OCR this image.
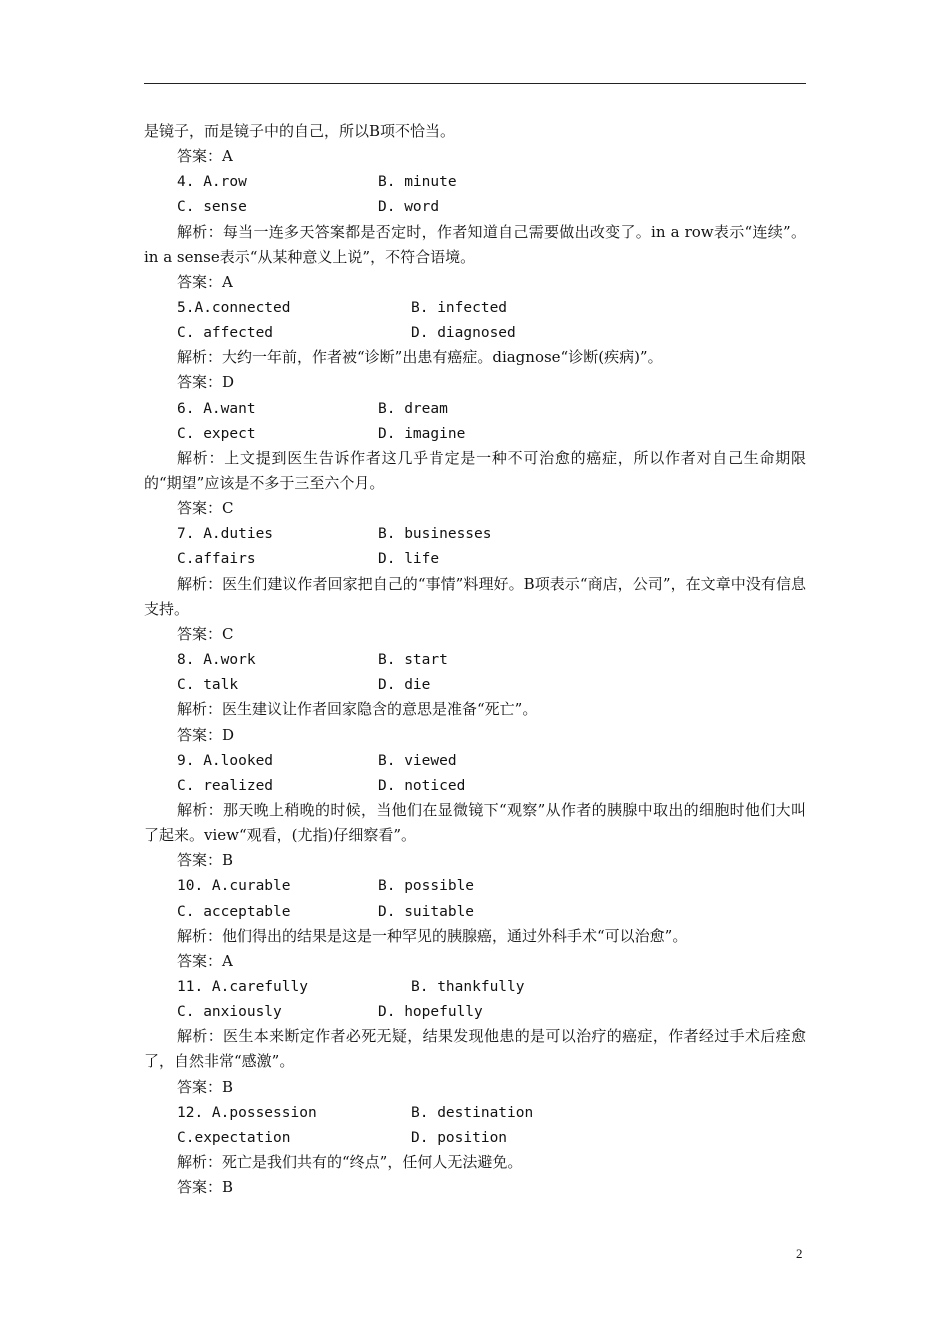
是镜子，而是镜子中的自己，所以B项不恰当。
答案：A
4. A.row	B. minute
C. sense	D. word

解析：每当一连多天答案都是否定时，作者知道自己需要做出改变了。in a row表示“连续”。in a sense表示“从某种意义上说”，不符合语境。

答案：A
5.A.connected	B. infected
C. affected	D. diagnosed

解析：大约一年前，作者被“诊断”出患有癌症。diagnose“诊断(疾病)”。

答案：D
6. A.want	B. dream
C. expect	D. imagine

解析：上文提到医生告诉作者这几乎肯定是一种不可治愈的癌症，所以作者对自己生命期限的“期望”应该是不多于三至六个月。

答案：C
7. A.duties	B. businesses
C.affairs	D. life

解析：医生们建议作者回家把自己的“事情”料理好。B项表示“商店，公司”，在文章中没有信息支持。

答案：C
8. A.work	B. start
C. talk	D. die

解析：医生建议让作者回家隐含的意思是准备“死亡”。

答案：D
9. A.looked	B. viewed
C. realized	D. noticed

解析：那天晚上稍晚的时候，当他们在显微镜下“观察”从作者的胰腺中取出的细胞时他们大叫了起来。view“观看，(尤指)仔细察看”。

答案：B
10. A.curable	B. possible
C. acceptable	D. suitable

解析：他们得出的结果是这是一种罕见的胰腺癌，通过外科手术“可以治愈”。

答案：A
11. A.carefully	B. thankfully
C. anxiously	D. hopefully

解析：医生本来断定作者必死无疑，结果发现他患的是可以治疗的癌症，作者经过手术后痊愈了，自然非常“感激”。

答案：B
12. A.possession	B. destination
C.expectation	D. position

解析：死亡是我们共有的“终点”，任何人无法避免。

答案：B
2
